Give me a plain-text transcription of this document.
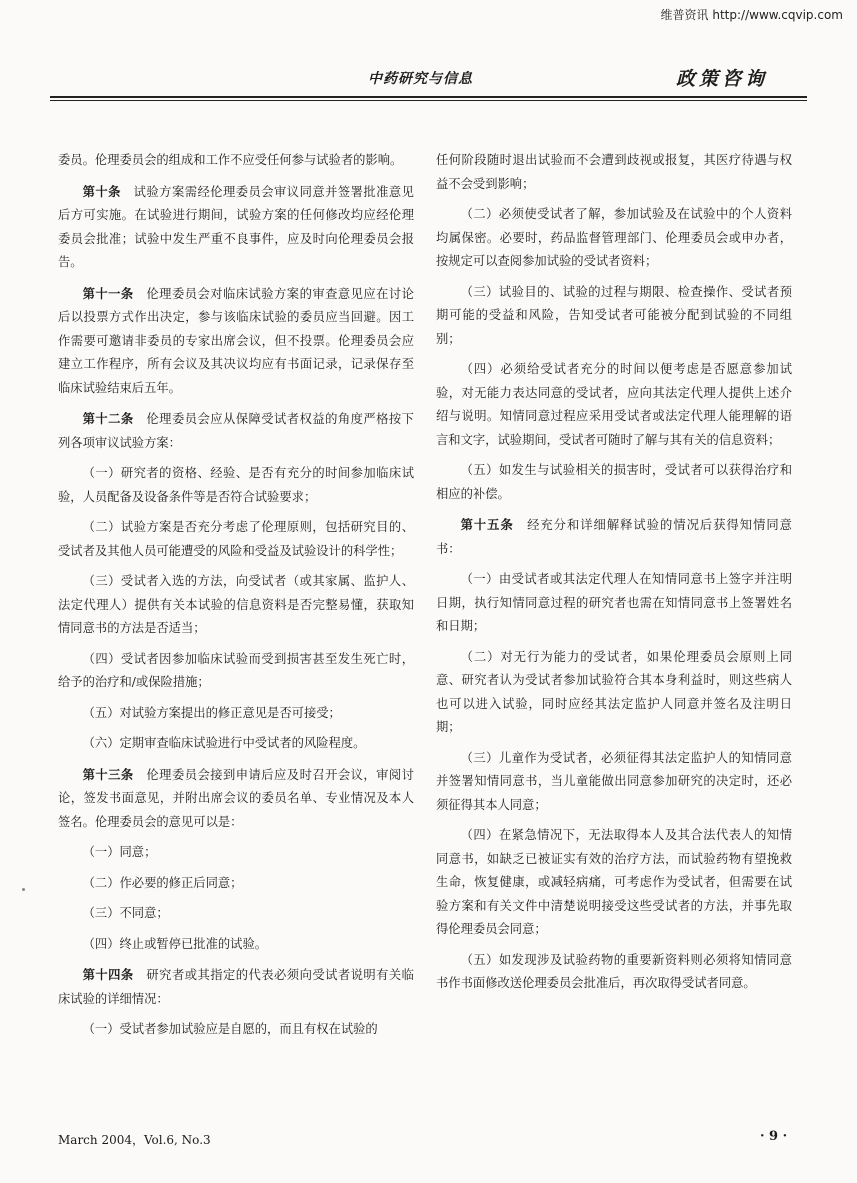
维普资讯 http://www.cqvip.com
中药研究与信息	政策咨询

委员。伦理委员会的组成和工作不应受任何参与试验者的影响。

第十条　 试验方案需经伦理委员会审议同意并签署批准意见后方可实施。在试验进行期间，试验方案的任何修改均应经伦理委员会批准；试验中发生严重不良事件，应及时向伦理委员会报告。

第十一条　 伦理委员会对临床试验方案的审查意见应在讨论后以投票方式作出决定，参与该临床试验的委员应当回避。因工作需要可邀请非委员的专家出席会议，但不投票。伦理委员会应建立工作程序，所有会议及其决议均应有书面记录，记录保存至临床试验结束后五年。

第十二条　 伦理委员会应从保障受试者权益的角度严格按下列各项审议试验方案：

（一）研究者的资格、经验、是否有充分的时间参加临床试验，人员配备及设备条件等是否符合试验要求；

（二）试验方案是否充分考虑了伦理原则，包括研究目的、受试者及其他人员可能遭受的风险和受益及试验设计的科学性；

（三）受试者入选的方法，向受试者（或其家属、监护人、法定代理人）提供有关本试验的信息资料是否完整易懂，获取知情同意书的方法是否适当；

（四）受试者因参加临床试验而受到损害甚至发生死亡时，给予的治疗和/或保险措施；

（五）对试验方案提出的修正意见是否可接受；

（六）定期审查临床试验进行中受试者的风险程度。

第十三条　 伦理委员会接到申请后应及时召开会议，审阅讨论，签发书面意见，并附出席会议的委员名单、专业情况及本人签名。伦理委员会的意见可以是：

（一）同意；

（二）作必要的修正后同意；

（三）不同意；

（四）终止或暂停已批准的试验。

第十四条　 研究者或其指定的代表必须向受试者说明有关临床试验的详细情况：

（一）受试者参加试验应是自愿的，而且有权在试验的

任何阶段随时退出试验而不会遭到歧视或报复，其医疗待遇与权益不会受到影响；

（二）必须使受试者了解，参加试验及在试验中的个人资料均属保密。必要时，药品监督管理部门、伦理委员会或申办者，按规定可以查阅参加试验的受试者资料；

（三）试验目的、试验的过程与期限、检查操作、受试者预期可能的受益和风险，告知受试者可能被分配到试验的不同组别；

（四）必须给受试者充分的时间以便考虑是否愿意参加试验，对无能力表达同意的受试者，应向其法定代理人提供上述介绍与说明。知情同意过程应采用受试者或法定代理人能理解的语言和文字，试验期间，受试者可随时了解与其有关的信息资料；

（五）如发生与试验相关的损害时，受试者可以获得治疗和相应的补偿。

第十五条　 经充分和详细解释试验的情况后获得知情同意书：

（一）由受试者或其法定代理人在知情同意书上签字并注明日期，执行知情同意过程的研究者也需在知情同意书上签署姓名和日期；

（二）对无行为能力的受试者，如果伦理委员会原则上同意、研究者认为受试者参加试验符合其本身利益时，则这些病人也可以进入试验，同时应经其法定监护人同意并签名及注明日期；

（三）儿童作为受试者，必须征得其法定监护人的知情同意并签署知情同意书，当儿童能做出同意参加研究的决定时，还必须征得其本人同意；

（四）在紧急情况下，无法取得本人及其合法代表人的知情同意书，如缺乏已被证实有效的治疗方法，而试验药物有望挽救生命，恢复健康，或减轻病痛，可考虑作为受试者，但需要在试验方案和有关文件中清楚说明接受这些受试者的方法，并事先取得伦理委员会同意；

（五）如发现涉及试验药物的重要新资料则必须将知情同意书作书面修改送伦理委员会批准后，再次取得受试者同意。

March 2004，Vol.6, No.3	· 9 ·
